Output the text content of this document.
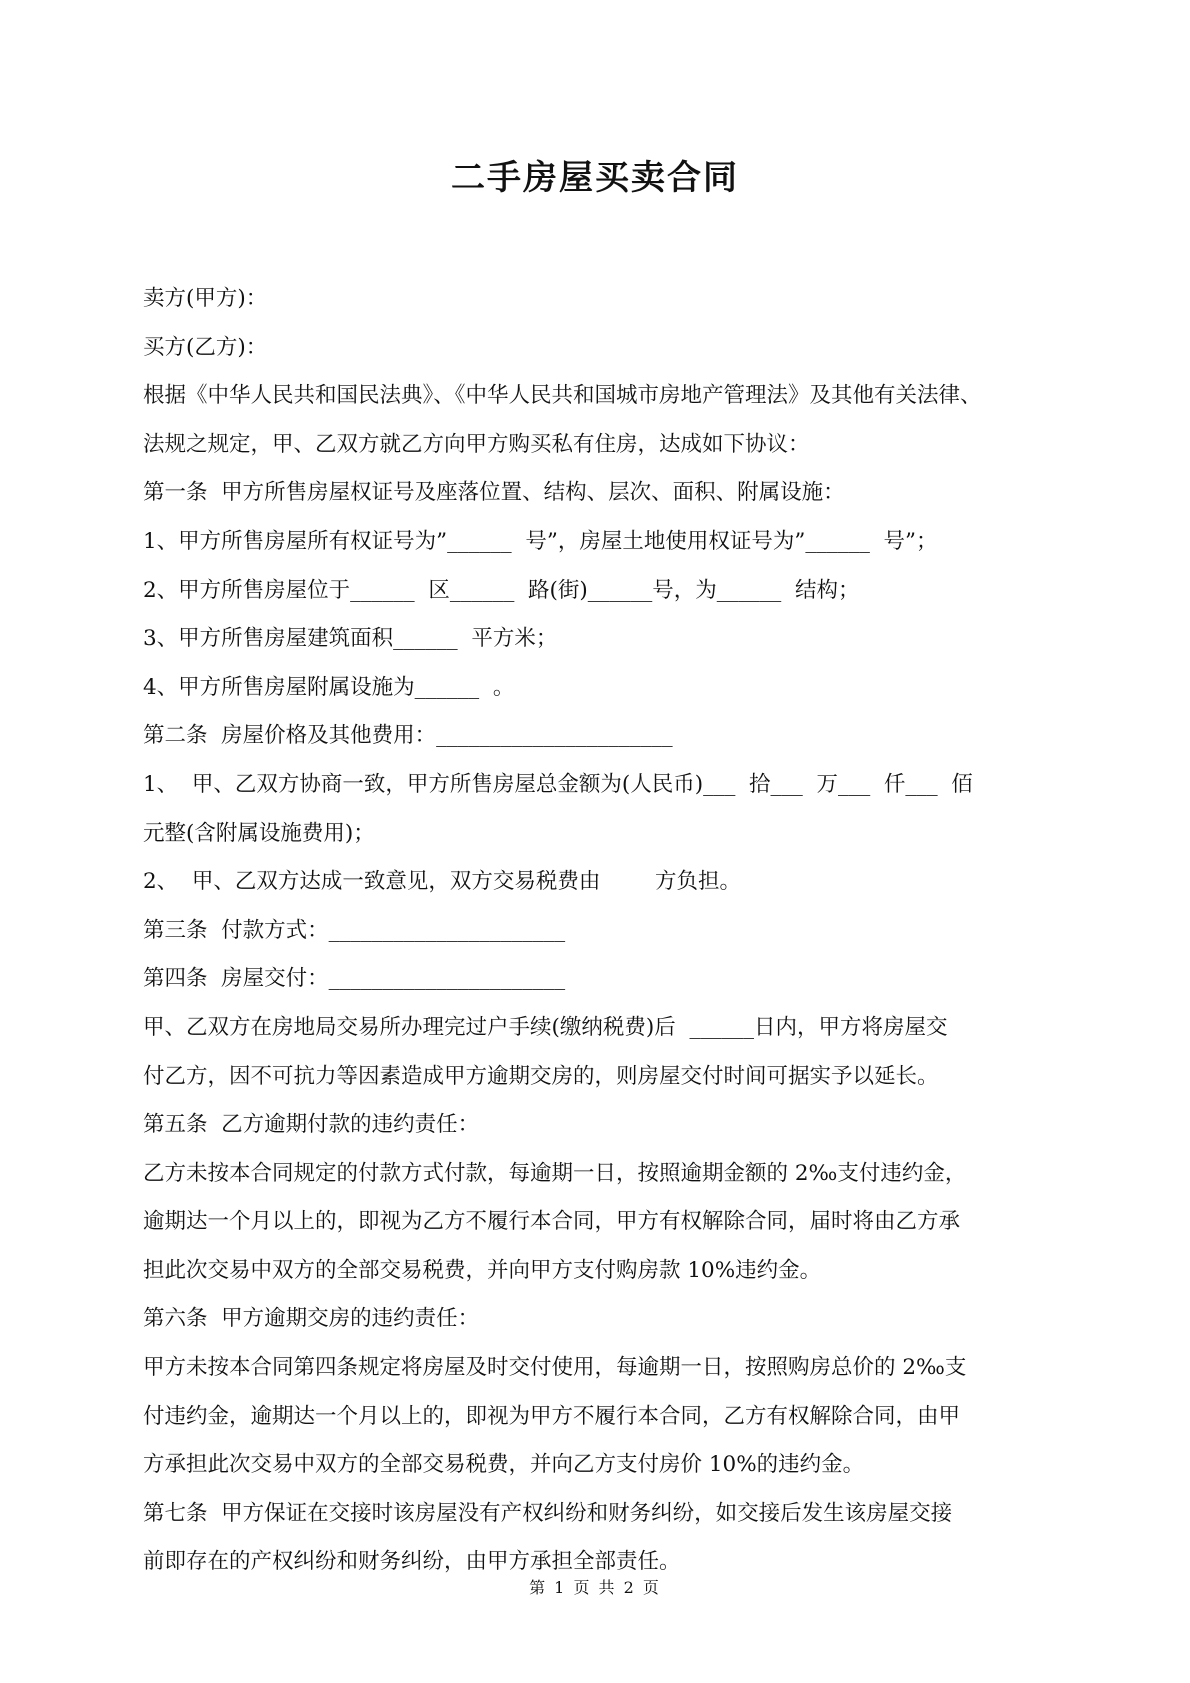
二手房屋买卖合同
卖方(甲方)：
买方(乙方)：
根据《中华人民共和国民法典》、《中华人民共和国城市房地产管理法》及其他有关法律、
法规之规定，甲、乙双方就乙方向甲方购买私有住房，达成如下协议：
第一条  甲方所售房屋权证号及座落位置、结构、层次、面积、附属设施：
1、甲方所售房屋所有权证号为”______  号”，房屋土地使用权证号为”______  号”；
2、甲方所售房屋位于______  区______  路(街)______号，为______  结构；
3、甲方所售房屋建筑面积______  平方米；
4、甲方所售房屋附属设施为______  。
第二条  房屋价格及其他费用：______________________
1、  甲、乙双方协商一致，甲方所售房屋总金额为(人民币)___  拾___  万___  仟___  佰
元整(含附属设施费用)；
2、  甲、乙双方达成一致意见，双方交易税费由        方负担。
第三条  付款方式：______________________
第四条  房屋交付：______________________
甲、乙双方在房地局交易所办理完过户手续(缴纳税费)后  ______日内，甲方将房屋交
付乙方，因不可抗力等因素造成甲方逾期交房的，则房屋交付时间可据实予以延长。
第五条  乙方逾期付款的违约责任：
乙方未按本合同规定的付款方式付款，每逾期一日，按照逾期金额的 2‰支付违约金，
逾期达一个月以上的，即视为乙方不履行本合同，甲方有权解除合同，届时将由乙方承
担此次交易中双方的全部交易税费，并向甲方支付购房款 10%违约金。
第六条  甲方逾期交房的违约责任：
甲方未按本合同第四条规定将房屋及时交付使用，每逾期一日，按照购房总价的 2‰支
付违约金，逾期达一个月以上的，即视为甲方不履行本合同，乙方有权解除合同，由甲
方承担此次交易中双方的全部交易税费，并向乙方支付房价 10%的违约金。
第七条  甲方保证在交接时该房屋没有产权纠纷和财务纠纷，如交接后发生该房屋交接
前即存在的产权纠纷和财务纠纷，由甲方承担全部责任。
第 1 页 共 2 页
